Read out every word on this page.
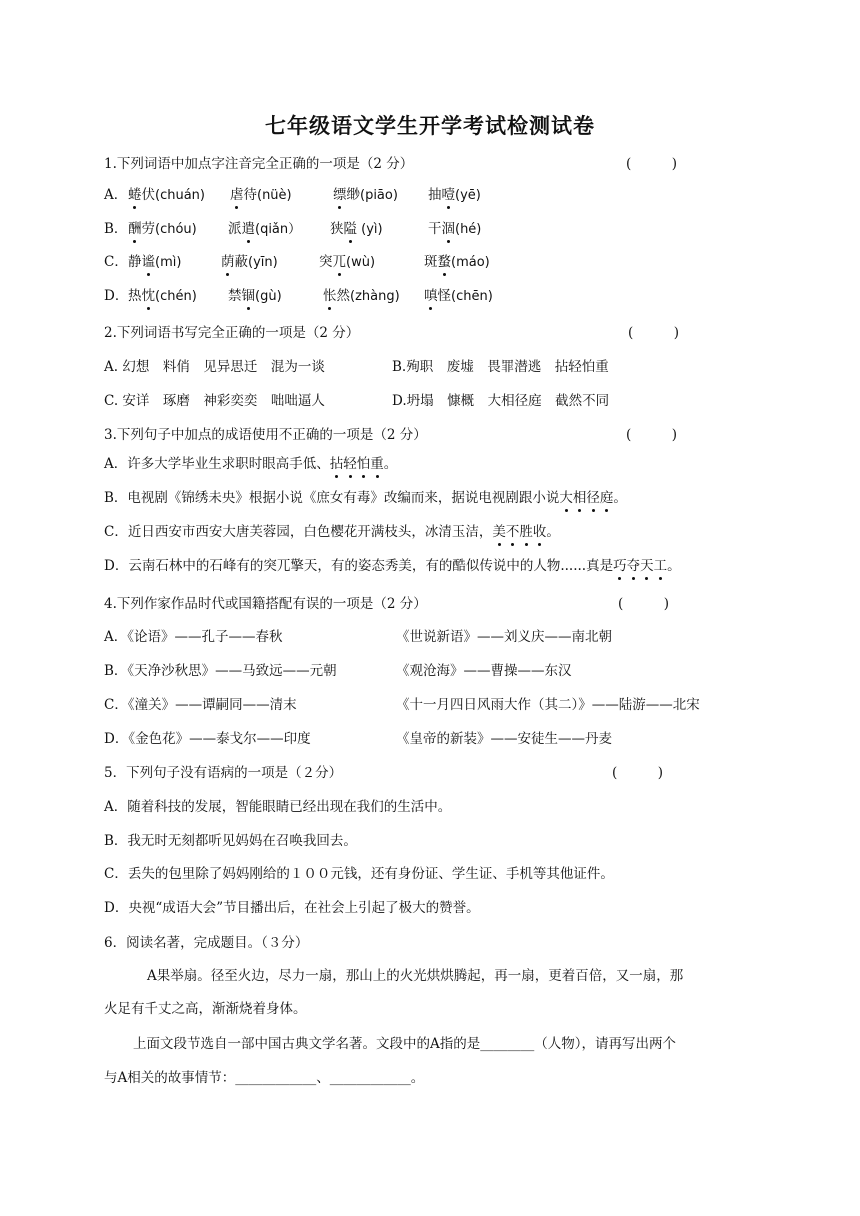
七年级语文学生开学考试检测试卷
1.下列词语中加点字注音完全正确的一项是（2 分）	(　　　)
A． 蜷伏(chuán) 虐待(nüè)	缥缈(piāo) 抽噎(yē)
B． 酬劳(chóu) 派遣(qiǎn） 狭隘 (yì)	干涸(hé)
C． 静谧(mì)	荫蔽(yīn)	突兀(wù)	斑蝥(máo)
D． 热忱(chén) 禁锢(gù)	怅然(zhàng) 嗔怪(chēn)
2.下列词语书写完全正确的一项是（2 分）	(　　　)
A. 幻想　料俏　见异思迁　混为一谈	B.殉职　废墟　畏罪潜逃　拈轻怕重
C. 安详　琢磨　神彩奕奕　咄咄逼人	D.坍塌　慷概　大相径庭　截然不同
3.下列句子中加点的成语使用不正确的一项是（2 分）	(　　　)
A．许多大学毕业生求职时眼高手低、拈轻怕重。
B．电视剧《锦绣未央》根据小说《庶女有毒》改编而来，据说电视剧跟小说大相径庭。
C．近日西安市西安大唐芙蓉园，白色樱花开满枝头，冰清玉洁，美不胜收。
D．云南石林中的石峰有的突兀擎天，有的姿态秀美，有的酷似传说中的人物......真是巧夺天工。
4.下列作家作品时代或国籍搭配有误的一项是（2 分）	(　　　)
A．《论语》——孔子——春秋	《世说新语》——刘义庆——南北朝
B．《天净沙秋思》——马致远——元朝	《观沧海》——曹操——东汉
C．《潼关》——谭嗣同——清末	《十一月四日风雨大作（其二）》——陆游——北宋
D．《金色花》——泰戈尔——印度	《皇帝的新装》——安徒生——丹麦
5．下列句子没有语病的一项是（２分）	(　　　)
A．随着科技的发展，智能眼睛已经出现在我们的生活中。
B．我无时无刻都听见妈妈在召唤我回去。
C．丢失的包里除了妈妈刚给的１００元钱，还有身份证、学生证、手机等其他证件。
D．央视“成语大会”节目播出后，在社会上引起了极大的赞誉。
6．阅读名著，完成题目。（３分）
A果举扇。径至火边，尽力一扇，那山上的火光烘烘腾起，再一扇，更着百倍，又一扇，那
火足有千丈之高，渐渐烧着身体。
上面文段节选自一部中国古典文学名著。文段中的A指的是________（人物），请再写出两个
与A相关的故事情节：____________、____________。
